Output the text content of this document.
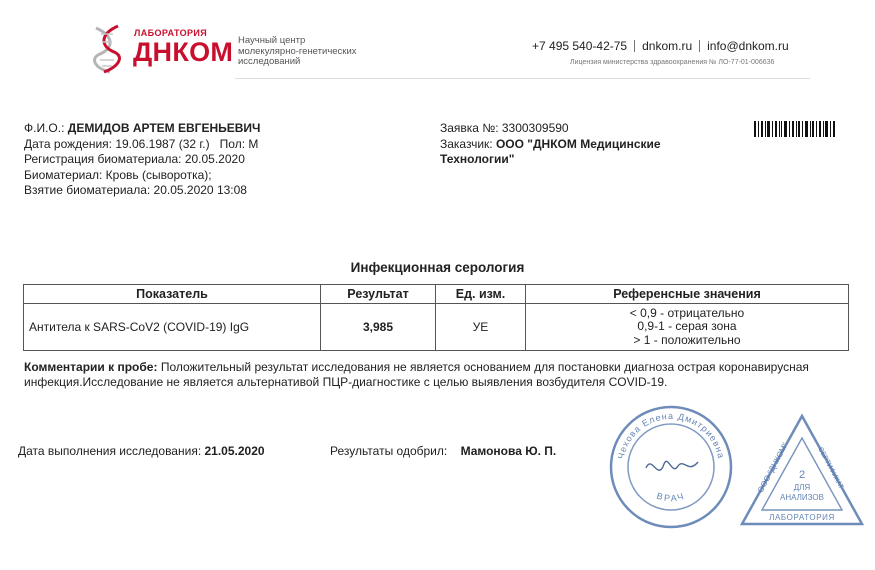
ЛАБОРАТОРИЯ
ДНКОМ Научный центр
молекулярно-генетических
исследований
+7 495 540-42-75 dnkom.ru info@dnkom.ru
Лицензия министерства здравоохранения № ЛО-77-01-006636
Ф.И.О.: ДЕМИДОВ АРТЕМ ЕВГЕНЬЕВИЧ
Дата рождения: 19.06.1987 (32 г.) Пол: М
Регистрация биоматериала: 20.05.2020
Биоматериал: Кровь (сыворотка);
Взятие биоматериала: 20.05.2020 13:08
Заявка №: 3300309590
Заказчик: ООО "ДНКОМ Медицинские
Технологии"
Инфекционная серология
Показатель	Результат	Ед. изм.	Референсные значения
Антитела к SARS-CoV2 (COVID-19) IgG	3,985	УЕ	< 0,9 - отрицательно
0,9-1 - серая зона
> 1 - положительно
Комментарии к пробе: Положительный результат исследования не является основанием для постановки диагноза острая коронавирусная инфекция.Исследование не является альтернативой ПЦР-диагностике с целью выявления возбудителя COVID-19.
Дата выполнения исследования: 21.05.2020	Результаты одобрил: Мамонова Ю. П.	Чехова Елена Дмитриевна
ВРАЧ
ООО "ДНКОМ"
СЕРТИФИКАТ
ЛАБОРАТОРИЯ
2
ДЛЯ
АНАЛИЗОВ
